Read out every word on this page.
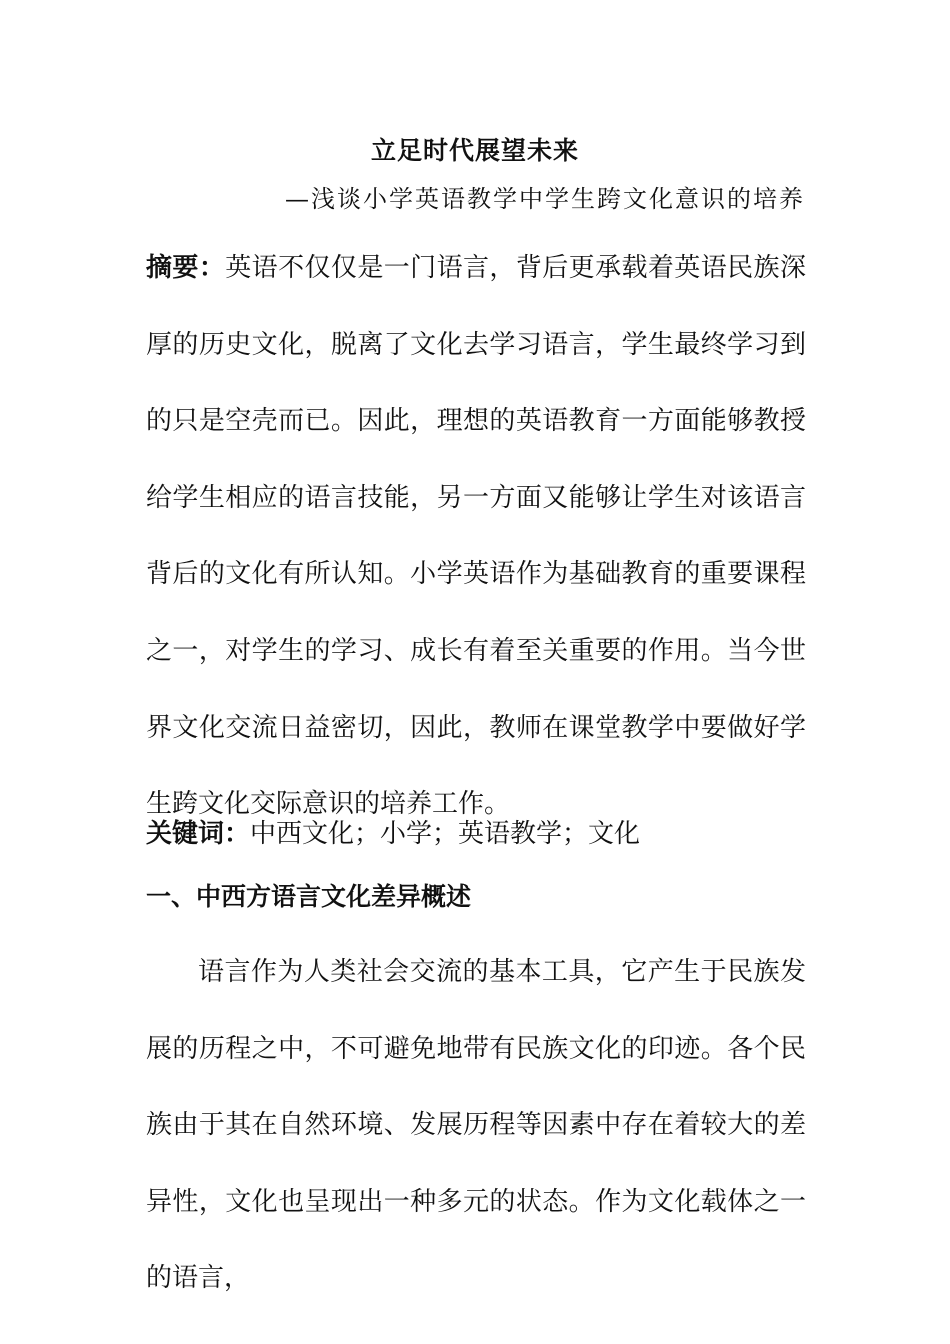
立足时代展望未来
—浅谈小学英语教学中学生跨文化意识的培养
摘要：英语不仅仅是一门语言，背后更承载着英语民族深厚的历史文化，脱离了文化去学习语言，学生最终学习到的只是空壳而已。因此，理想的英语教育一方面能够教授给学生相应的语言技能，另一方面又能够让学生对该语言背后的文化有所认知。小学英语作为基础教育的重要课程之一，对学生的学习、成长有着至关重要的作用。当今世界文化交流日益密切，因此，教师在课堂教学中要做好学生跨文化交际意识的培养工作。
关键词：中西文化；小学；英语教学；文化
一、中西方语言文化差异概述
语言作为人类社会交流的基本工具，它产生于民族发展的历程之中，不可避免地带有民族文化的印迹。各个民族由于其在自然环境、发展历程等因素中存在着较大的差异性，文化也呈现出一种多元的状态。作为文化载体之一的语言，
